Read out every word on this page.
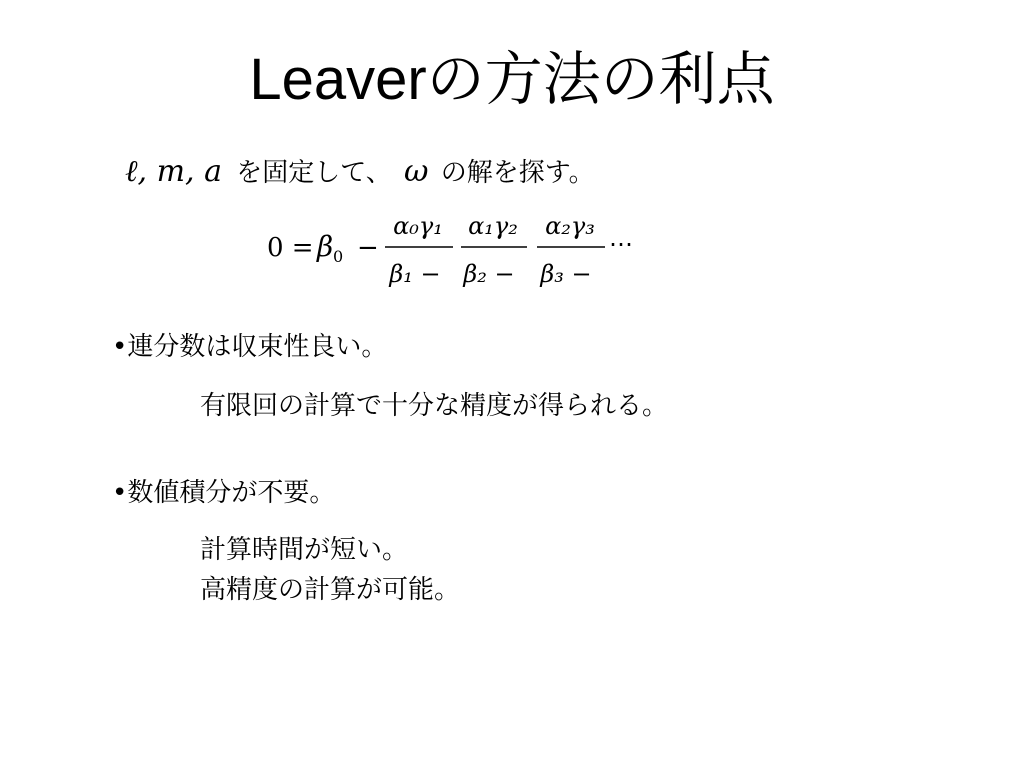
Leaverの方法の利点
ℓ, m, a を固定して、 ω の解を探す。
0 = β 0 −
α₀γ₁
β₁ −
α₁γ₂
β₂ −
α₂γ₃
β₃ −
⋯
•連分数は収束性良い。
有限回の計算で十分な精度が得られる。
•数値積分が不要。
計算時間が短い。
高精度の計算が可能。
